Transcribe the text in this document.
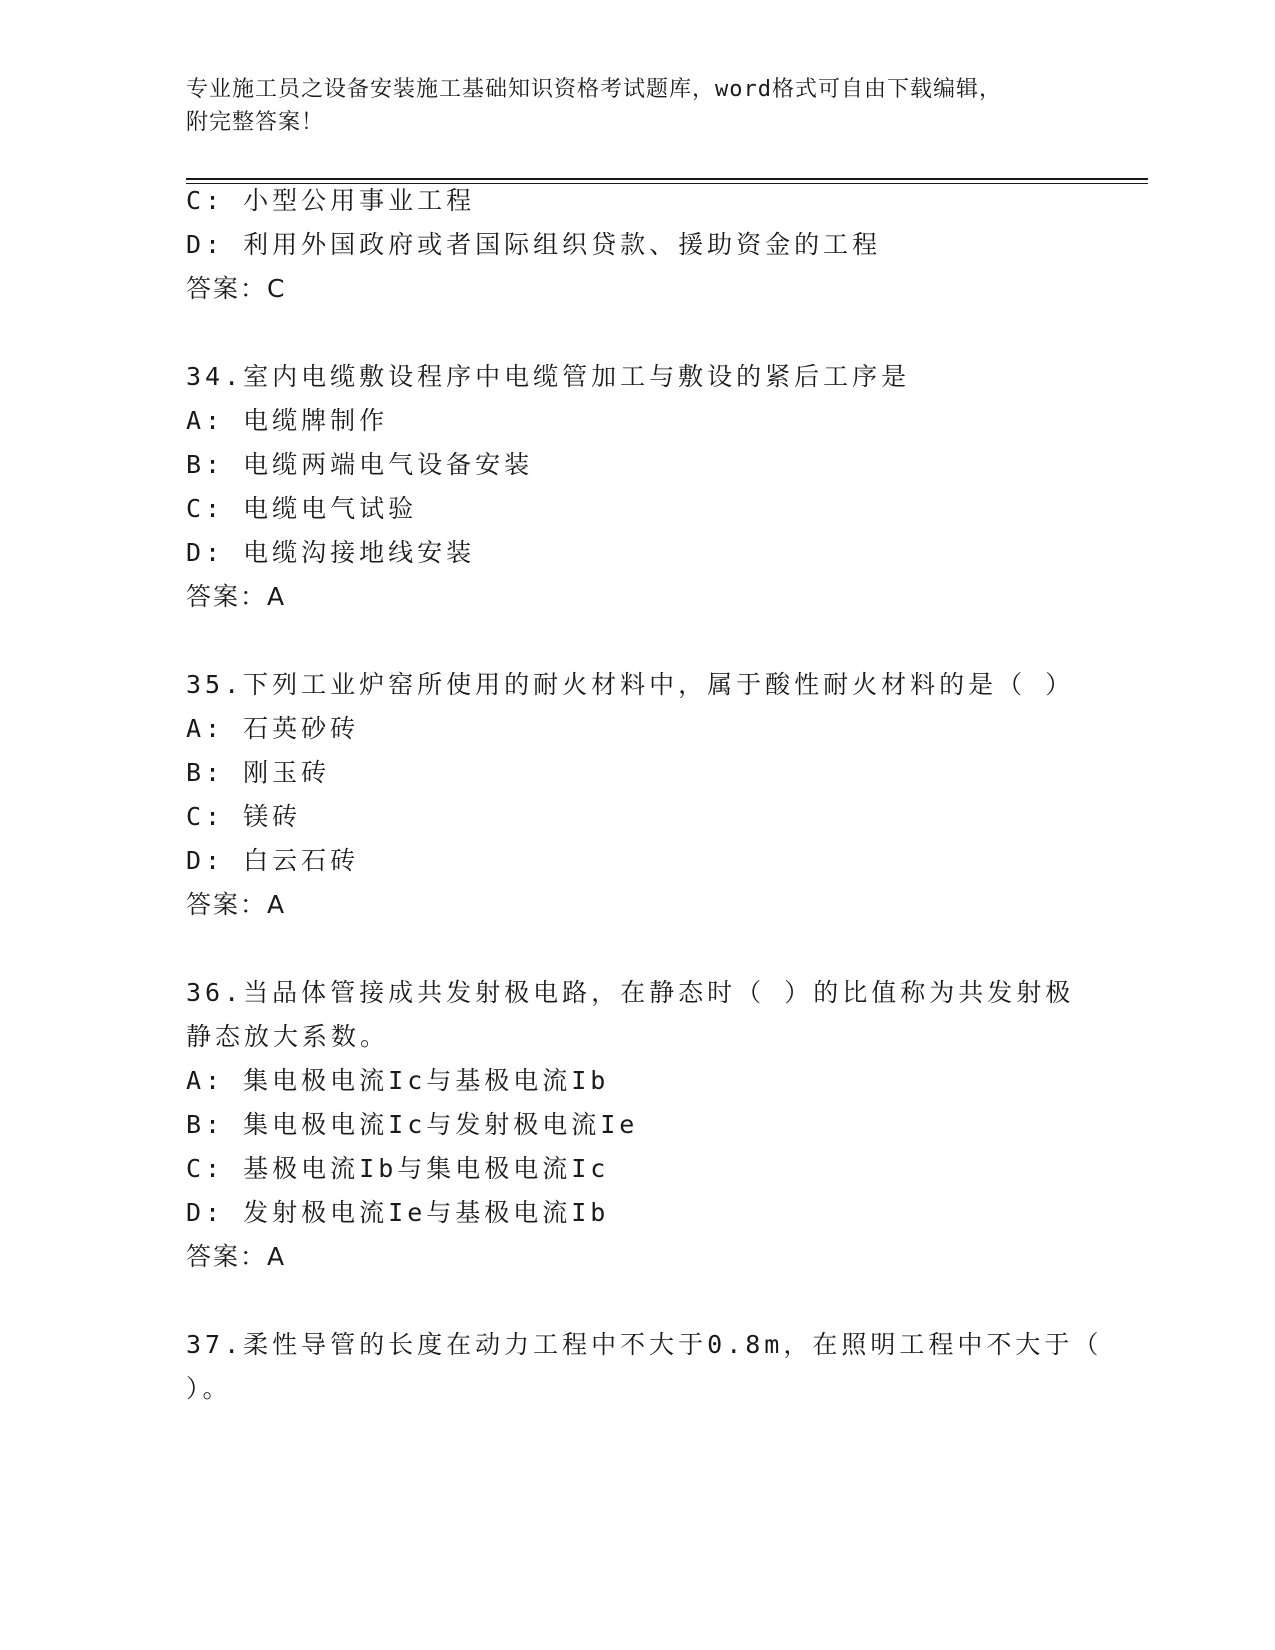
专业施工员之设备安装施工基础知识资格考试题库，word格式可自由下载编辑，
附完整答案！
C: 小型公用事业工程
D: 利用外国政府或者国际组织贷款、援助资金的工程
答案：C
34.室内电缆敷设程序中电缆管加工与敷设的紧后工序是
A: 电缆牌制作
B: 电缆两端电气设备安装
C: 电缆电气试验
D: 电缆沟接地线安装
答案：A
35.下列工业炉窑所使用的耐火材料中，属于酸性耐火材料的是（ ）
A: 石英砂砖
B: 刚玉砖
C: 镁砖
D: 白云石砖
答案：A
36.当品体管接成共发射极电路，在静态时（ ）的比值称为共发射极
静态放大系数。
A: 集电极电流Ic与基极电流Ib
B: 集电极电流Ic与发射极电流Ie
C: 基极电流Ib与集电极电流Ic
D: 发射极电流Ie与基极电流Ib
答案：A
37.柔性导管的长度在动力工程中不大于0.8m，在照明工程中不大于（
）。
